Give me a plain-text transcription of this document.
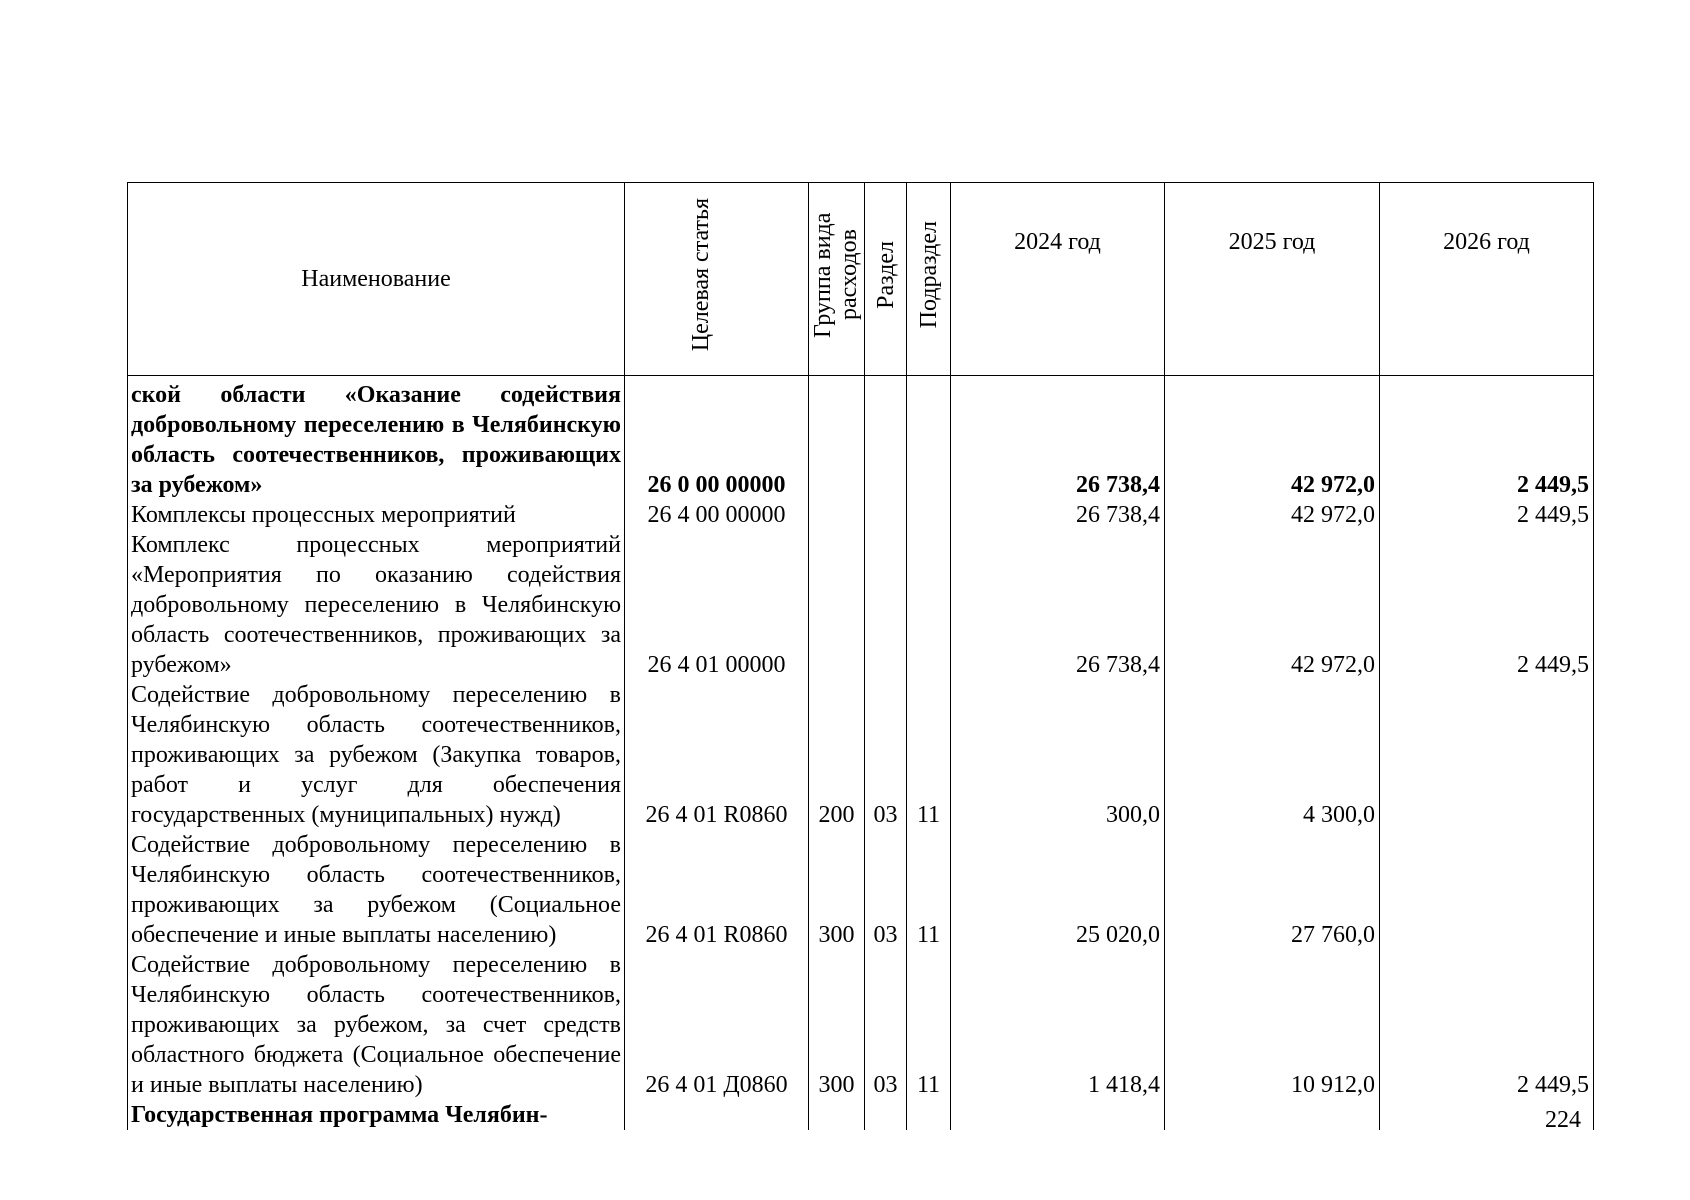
Наименование	Целевая статья	Группа вида расходов	Раздел	Подраздел	2024 год	2025 год	2026 год
ской области «Оказание содействия добровольному переселению в Челябинскую область соотечественников, проживающих за рубежом»	26 0 00 00000				26 738,4	42 972,0	2 449,5
Комплексы процессных мероприятий	26 4 00 00000				26 738,4	42 972,0	2 449,5
Комплекс процессных мероприятий «Мероприятия по оказанию содействия добровольному переселению в Челябинскую область соотечественников, проживающих за рубежом»	26 4 01 00000				26 738,4	42 972,0	2 449,5
Содействие добровольному переселению в Челябинскую область соотечественников, проживающих за рубежом (Закупка товаров, работ и услуг для обеспечения государственных (муниципальных) нужд)	26 4 01 R0860	200	03	11	300,0	4 300,0	
Содействие добровольному переселению в Челябинскую область соотечественников, проживающих за рубежом (Социальное обеспечение и иные выплаты населению)	26 4 01 R0860	300	03	11	25 020,0	27 760,0	
Содействие добровольному переселению в Челябинскую область соотечественников, проживающих за рубежом, за счет средств областного бюджета (Социальное обеспечение и иные выплаты населению)	26 4 01 Д0860	300	03	11	1 418,4	10 912,0	2 449,5
Государственная программа Челябин-								224
